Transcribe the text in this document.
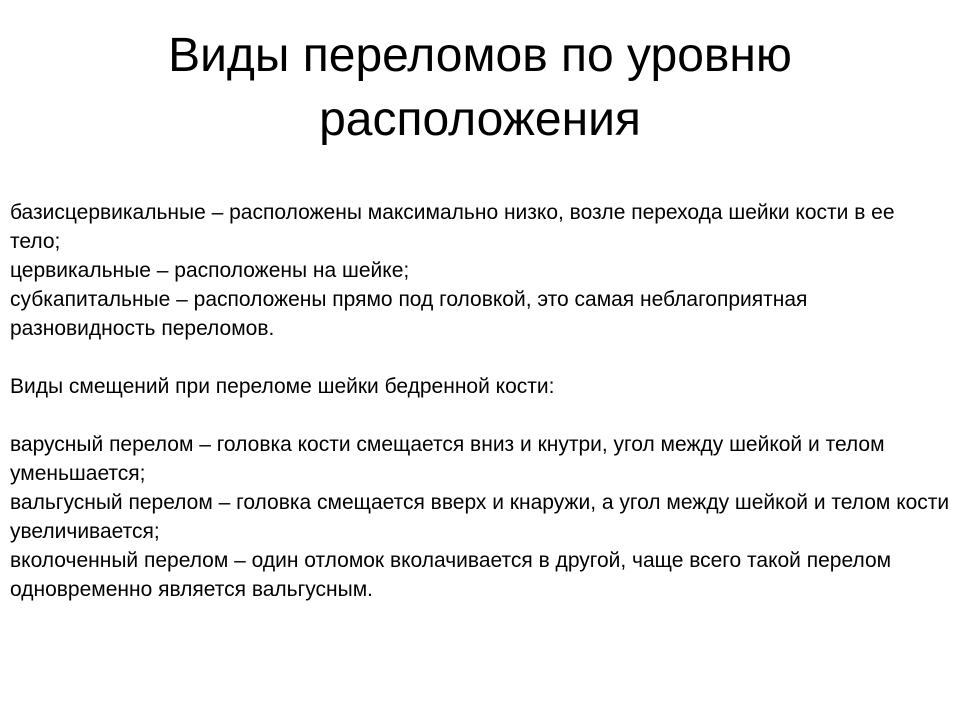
Виды переломов по уровню
расположения

базисцервикальные – расположены максимально низко, возле перехода шейки кости в ее тело;

цервикальные – расположены на шейке;

субкапитальные – расположены прямо под головкой, это самая неблагоприятная разновидность переломов.

Виды смещений при переломе шейки бедренной кости:

варусный перелом – головка кости смещается вниз и кнутри, угол между шейкой и телом уменьшается;

вальгусный перелом – головка смещается вверх и кнаружи, а угол между шейкой и телом кости увеличивается;

вколоченный перелом – один отломок вколачивается в другой, чаще всего такой перелом одновременно является вальгусным.
